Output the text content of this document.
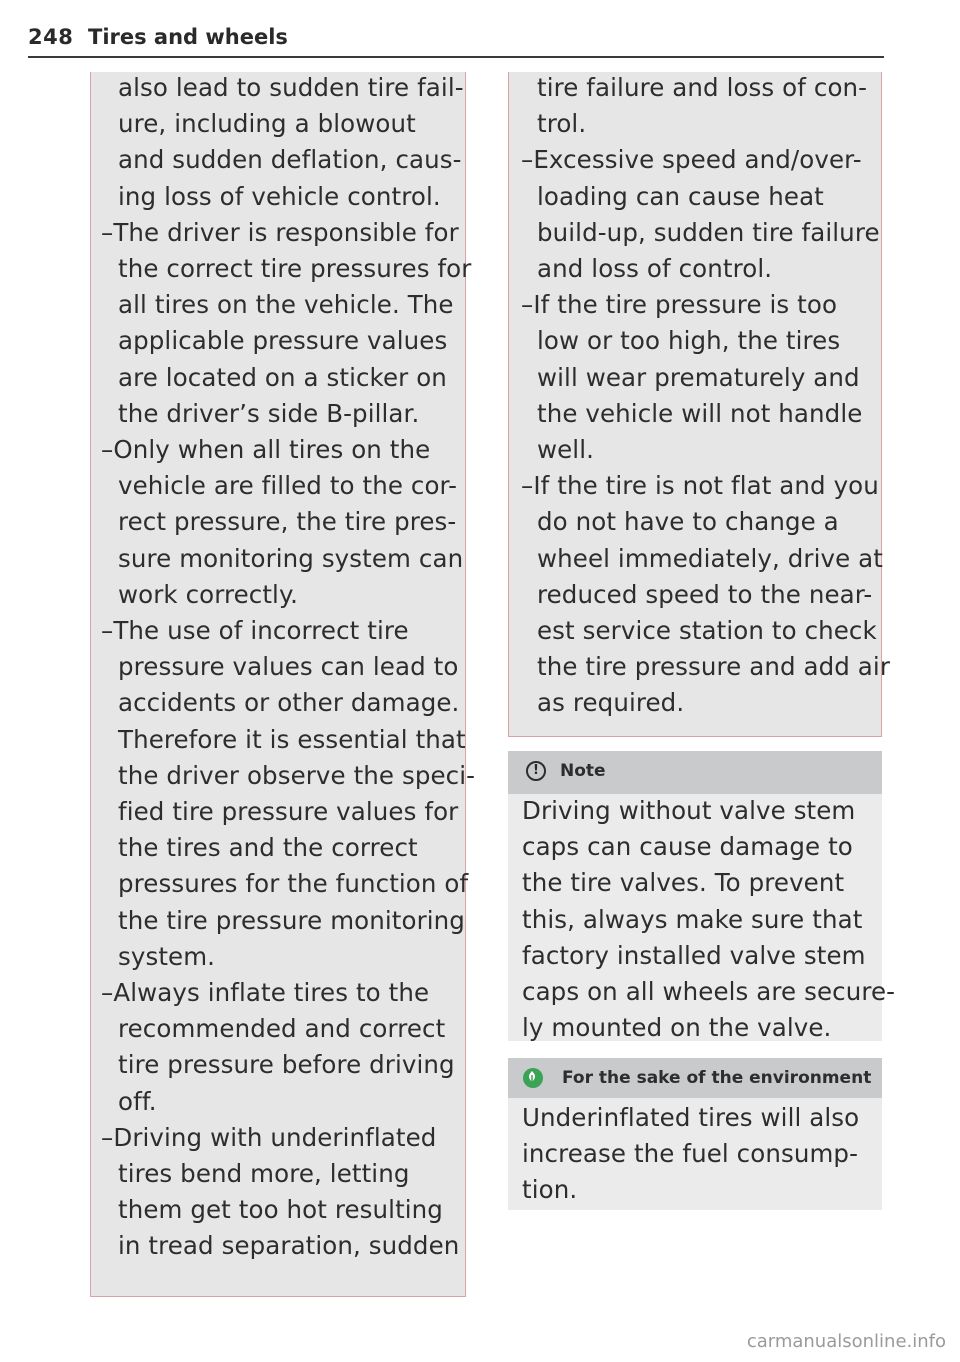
248 Tires and wheels
also lead to sudden tire fail-
ure, including a blowout
and sudden deflation, caus-
ing loss of vehicle control.
–The driver is responsible for
the correct tire pressures for
all tires on the vehicle. The
applicable pressure values
are located on a sticker on
the driver’s side B-pillar.
–Only when all tires on the
vehicle are filled to the cor-
rect pressure, the tire pres-
sure monitoring system can
work correctly.
–The use of incorrect tire
pressure values can lead to
accidents or other damage.
Therefore it is essential that
the driver observe the speci-
fied tire pressure values for
the tires and the correct
pressures for the function of
the tire pressure monitoring
system.
–Always inflate tires to the
recommended and correct
tire pressure before driving
off.
–Driving with underinflated
tires bend more, letting
them get too hot resulting
in tread separation, sudden
tire failure and loss of con-
trol.
–Excessive speed and/over-
loading can cause heat
build-up, sudden tire failure
and loss of control.
–If the tire pressure is too
low or too high, the tires
will wear prematurely and
the vehicle will not handle
well.
–If the tire is not flat and you
do not have to change a
wheel immediately, drive at
reduced speed to the near-
est service station to check
the tire pressure and add air
as required.
!	Note
Driving without valve stem
caps can cause damage to
the tire valves. To prevent
this, always make sure that
factory installed valve stem
caps on all wheels are secure-
ly mounted on the valve.
For the sake of the environment
Underinflated tires will also
increase the fuel consump-
tion.
carmanualsonline.info
